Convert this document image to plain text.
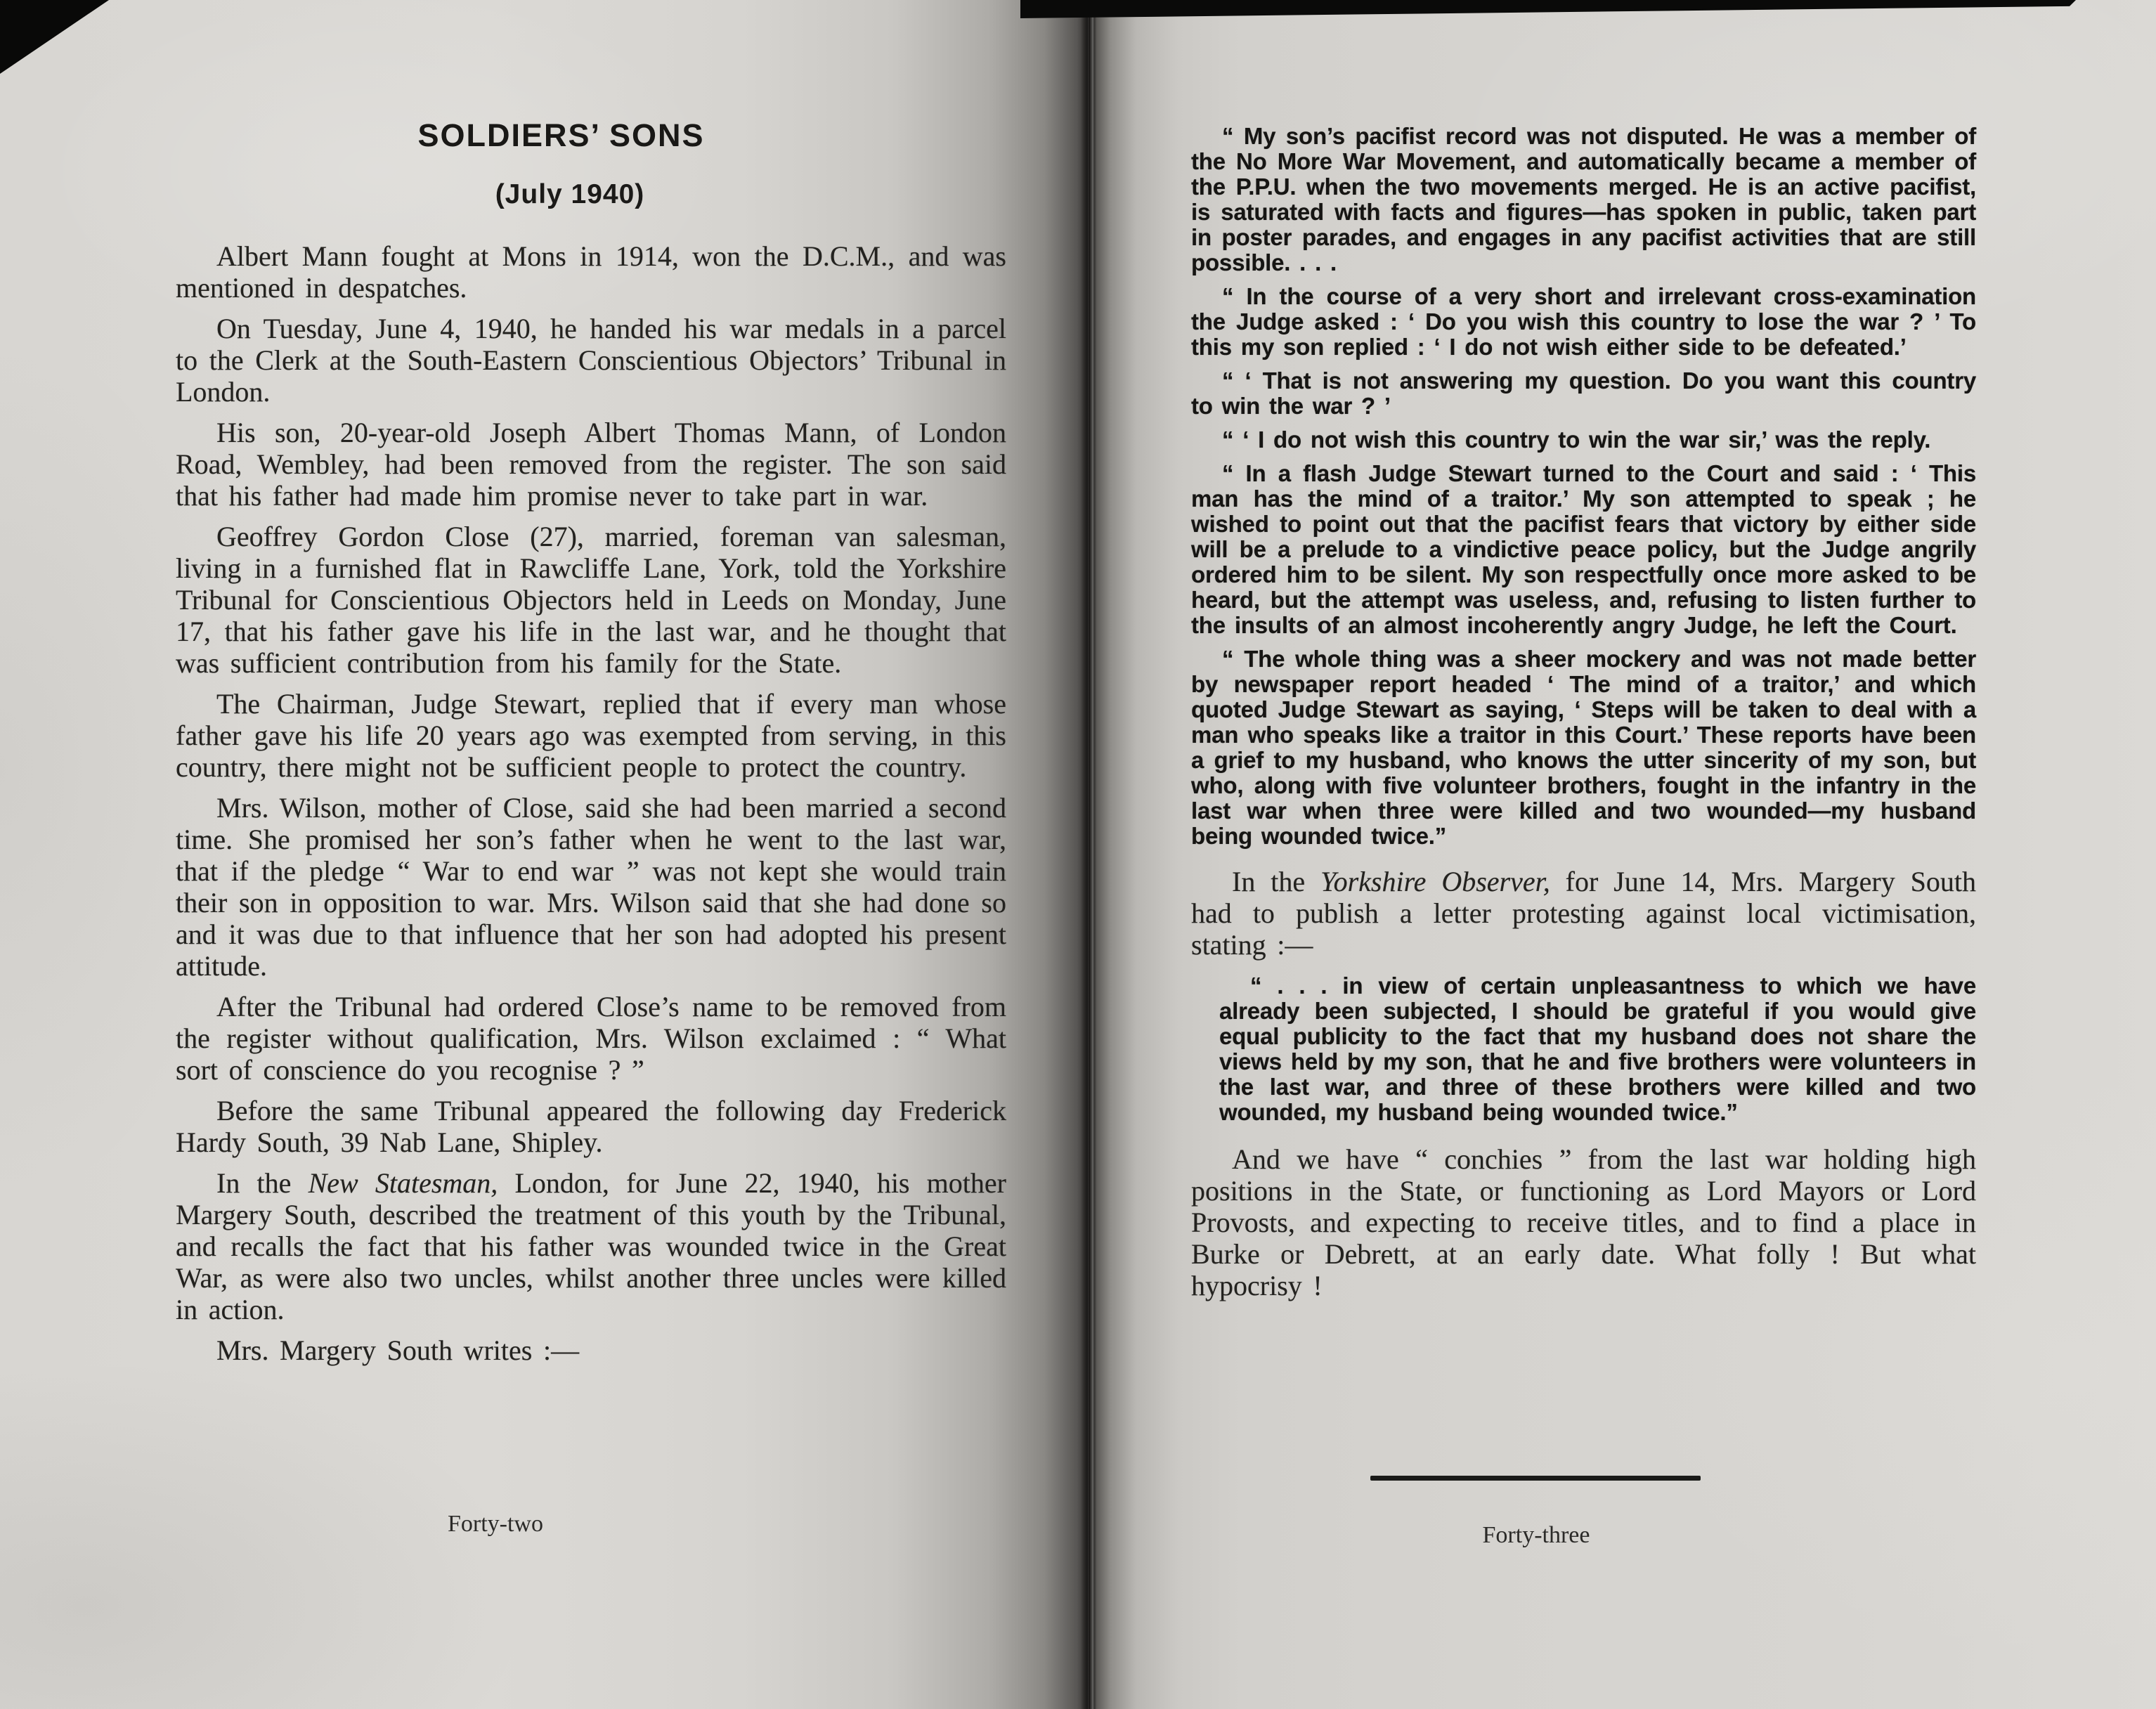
SOLDIERS’ SONS
(July 1940)

Albert Mann fought at Mons in 1914, won the D.C.M., and was mentioned in despatches.

On Tuesday, June 4, 1940, he handed his war medals in a parcel to the Clerk at the South-Eastern Conscientious Objectors’ Tribunal in London.

His son, 20-year-old Joseph Albert Thomas Mann, of London Road, Wembley, had been removed from the register. The son said that his father had made him promise never to take part in war.

Geoffrey Gordon Close (27), married, foreman van salesman, living in a furnished flat in Rawcliffe Lane, York, told the Yorkshire Tribunal for Conscientious Objectors held in Leeds on Monday, June 17, that his father gave his life in the last war, and he thought that was sufficient contribution from his family for the State.

The Chairman, Judge Stewart, replied that if every man whose father gave his life 20 years ago was exempted from serving, in this country, there might not be sufficient people to protect the country.

Mrs. Wilson, mother of Close, said she had been married a second time. She promised her son’s father when he went to the last war, that if the pledge “ War to end war ” was not kept she would train their son in opposition to war. Mrs. Wilson said that she had done so and it was due to that influence that her son had adopted his present attitude.

After the Tribunal had ordered Close’s name to be removed from the register without qualification, Mrs. Wilson exclaimed : “ What sort of conscience do you recognise ? ”

Before the same Tribunal appeared the following day Frederick Hardy South, 39 Nab Lane, Shipley.

In the New Statesman, London, for June 22, 1940, his mother Margery South, described the treatment of this youth by the Tribunal, and recalls the fact that his father was wounded twice in the Great War, as were also two uncles, whilst another three uncles were killed in action.

Mrs. Margery South writes :—

Forty-two

“ My son’s pacifist record was not disputed. He was a member of the No More War Movement, and automatically became a member of the P.P.U. when the two movements merged. He is an active pacifist, is saturated with facts and figures—has spoken in public, taken part in poster parades, and engages in any pacifist activities that are still possible. . . .

“ In the course of a very short and irrelevant cross-examination the Judge asked : ‘ Do you wish this country to lose the war ? ’ To this my son replied : ‘ I do not wish either side to be defeated.’

“ ‘ That is not answering my question. Do you want this country to win the war ? ’

“ ‘ I do not wish this country to win the war sir,’ was the reply.

“ In a flash Judge Stewart turned to the Court and said : ‘ This man has the mind of a traitor.’ My son attempted to speak ; he wished to point out that the pacifist fears that victory by either side will be a prelude to a vindictive peace policy, but the Judge angrily ordered him to be silent. My son respectfully once more asked to be heard, but the attempt was useless, and, refusing to listen further to the insults of an almost incoherently angry Judge, he left the Court.

“ The whole thing was a sheer mockery and was not made better by newspaper report headed ‘ The mind of a traitor,’ and which quoted Judge Stewart as saying, ‘ Steps will be taken to deal with a man who speaks like a traitor in this Court.’ These reports have been a grief to my husband, who knows the utter sincerity of my son, but who, along with five volunteer brothers, fought in the infantry in the last war when three were killed and two wounded—my husband being wounded twice.”

In the Yorkshire Observer, for June 14, Mrs. Margery South had to publish a letter protesting against local victimisation, stating :—

“ . . . in view of certain unpleasantness to which we have already been subjected, I should be grateful if you would give equal publicity to the fact that my husband does not share the views held by my son, that he and five brothers were volunteers in the last war, and three of these brothers were killed and two wounded, my husband being wounded twice.”

And we have “ conchies ” from the last war holding high positions in the State, or functioning as Lord Mayors or Lord Provosts, and expecting to receive titles, and to find a place in Burke or Debrett, at an early date. What folly ! But what hypocrisy !

Forty-three
